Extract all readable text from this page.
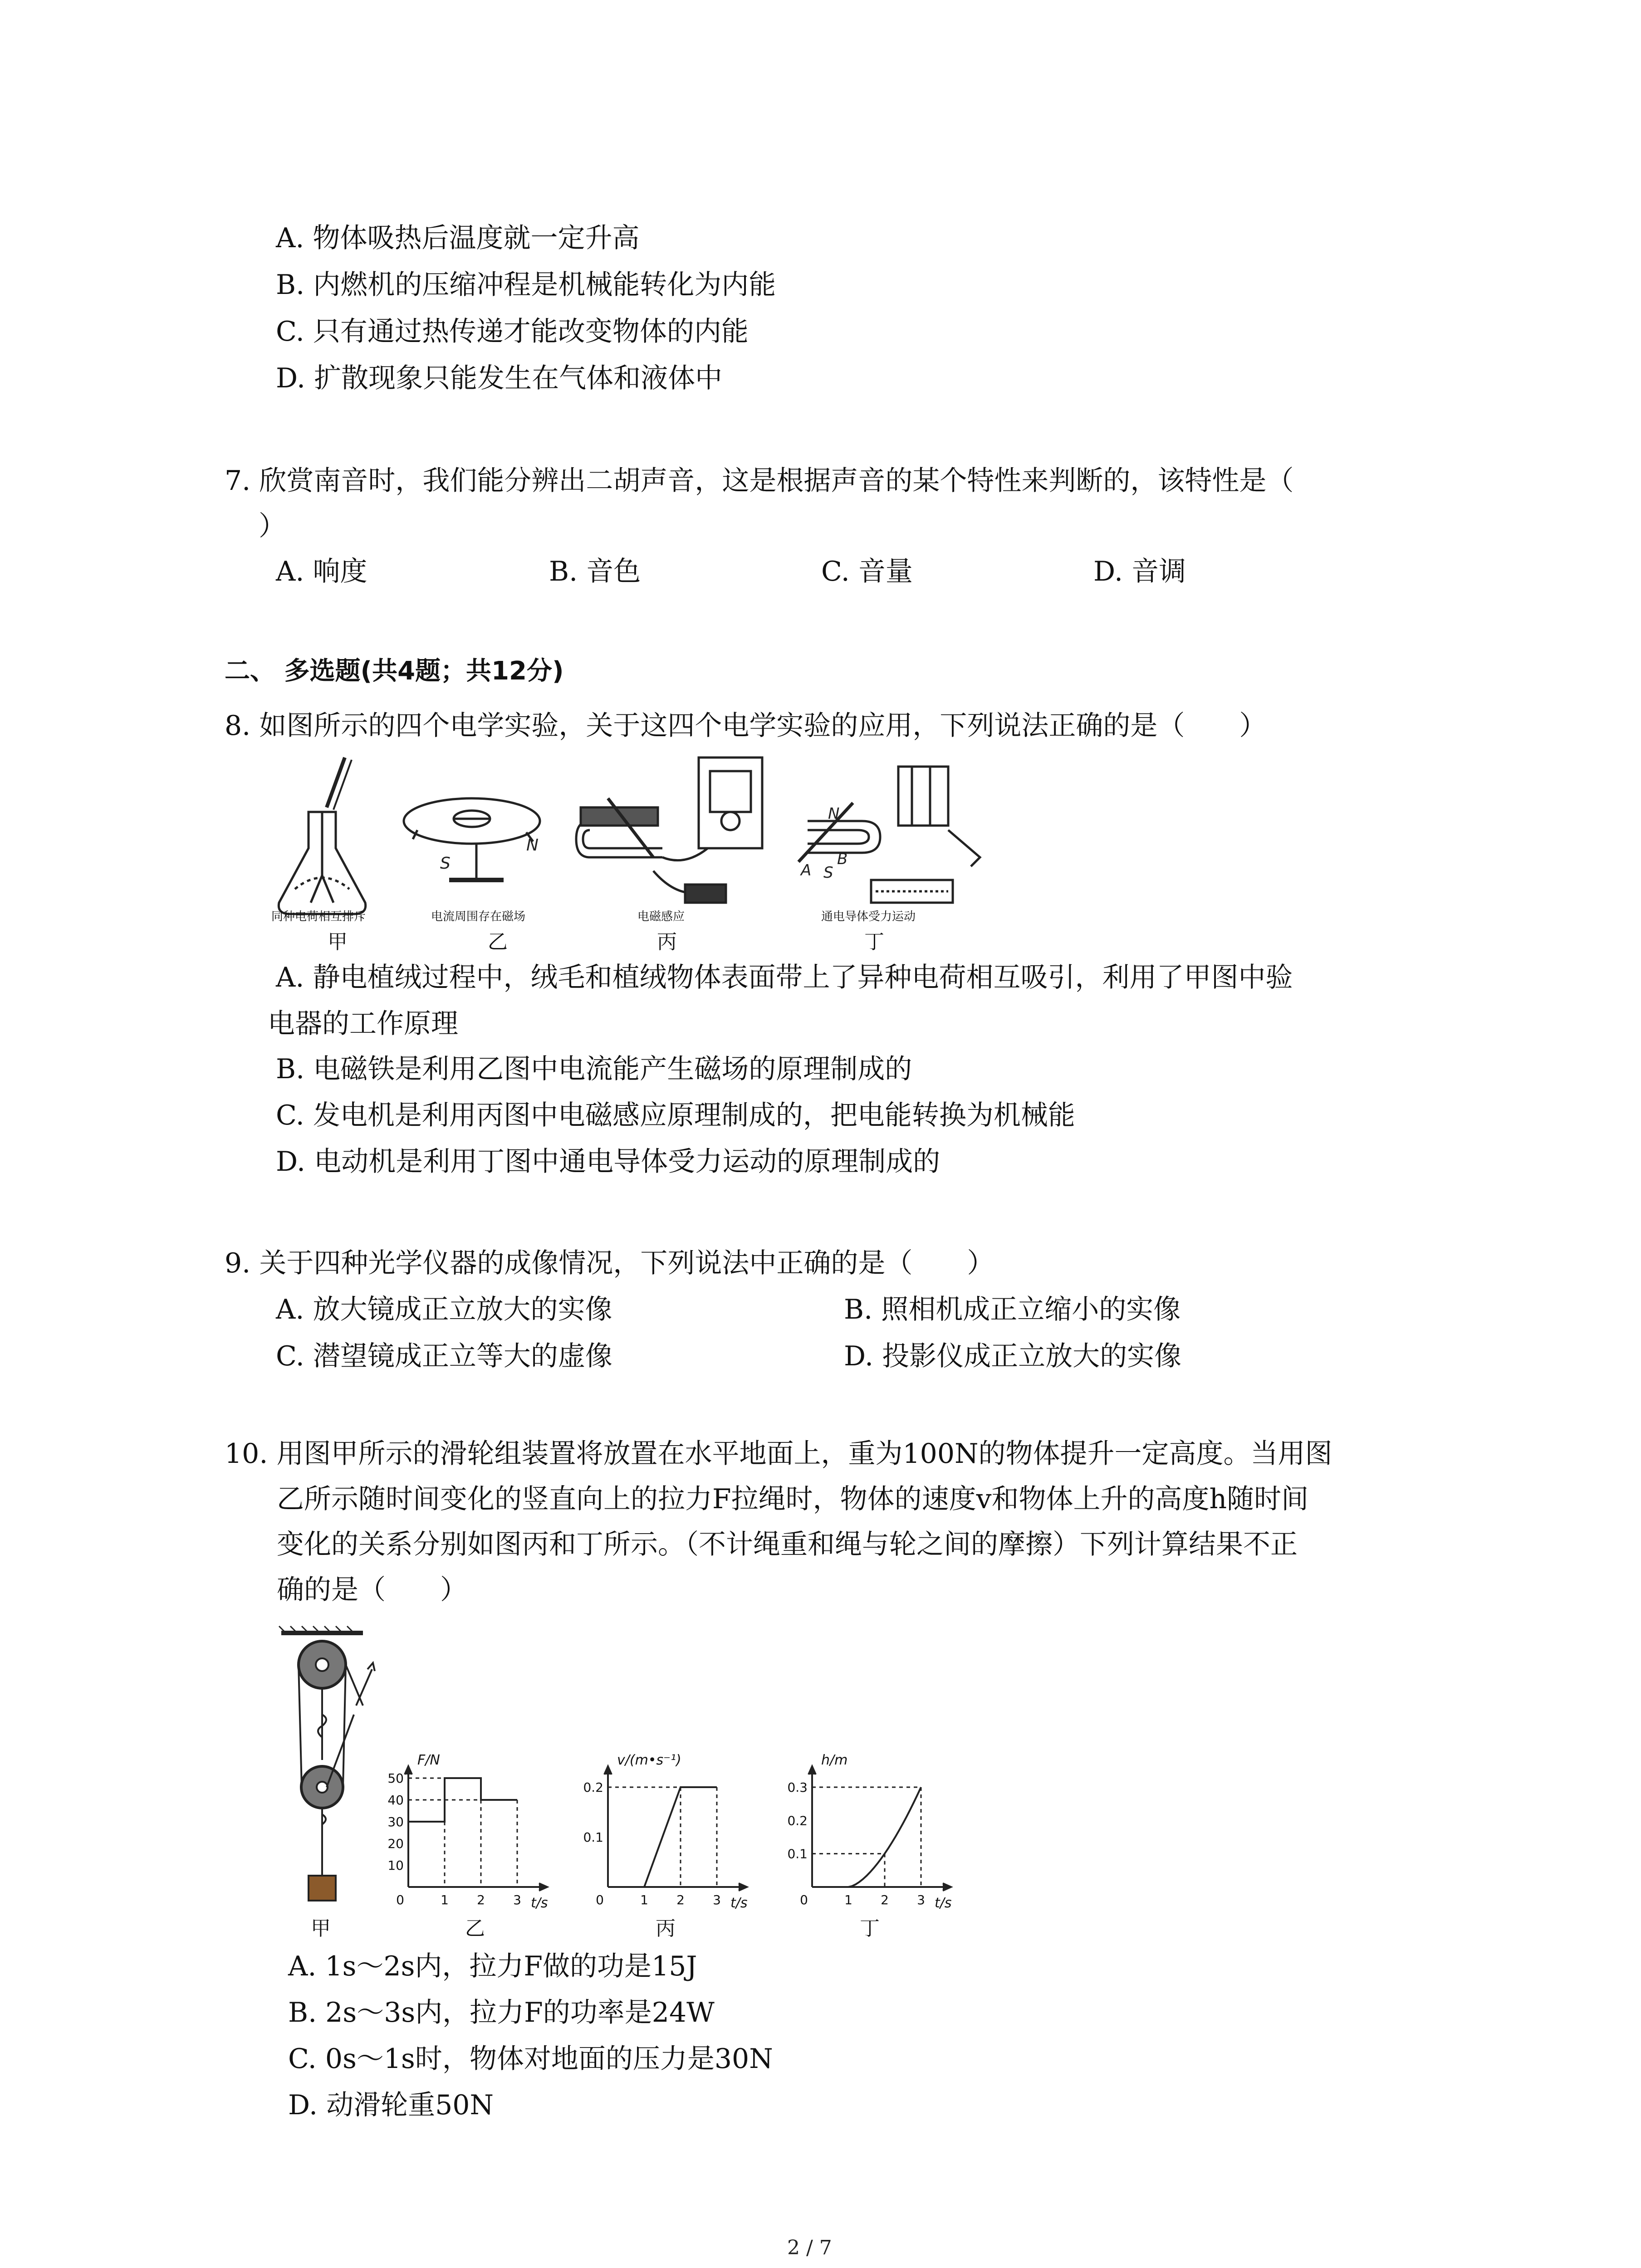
A. 物体吸热后温度就一定升高
B. 内燃机的压缩冲程是机械能转化为内能
C. 只有通过热传递才能改变物体的内能
D. 扩散现象只能发生在气体和液体中
7. 欣赏南音时，我们能分辨出二胡声音，这是根据声音的某个特性来判断的，该特性是（
）
A. 响度	B. 音色	C. 音量	D. 音调
二、 多选题(共4题；共12分)
8. 如图所示的四个电学实验，关于这四个电学实验的应用，下列说法正确的是（　　）
S
N
N
B
A S
同种电荷相互排斥	电流周围存在磁场	电磁感应	通电导体受力运动
甲	乙	丙	丁
A. 静电植绒过程中，绒毛和植绒物体表面带上了异种电荷相互吸引，利用了甲图中验
电器的工作原理
B. 电磁铁是利用乙图中电流能产生磁场的原理制成的
C. 发电机是利用丙图中电磁感应原理制成的，把电能转换为机械能
D. 电动机是利用丁图中通电导体受力运动的原理制成的
9. 关于四种光学仪器的成像情况，下列说法中正确的是（　　）
A. 放大镜成正立放大的实像	B. 照相机成正立缩小的实像
C. 潜望镜成正立等大的虚像	D. 投影仪成正立放大的实像
10. 用图甲所示的滑轮组装置将放置在水平地面上，重为100N的物体提升一定高度。当用图
乙所示随时间变化的竖直向上的拉力F拉绳时，物体的速度v和物体上升的高度h随时间
变化的关系分别如图丙和丁所示。（不计绳重和绳与轮之间的摩擦）下列计算结果不正
确的是（　　）
50
40
30
20
10
0	1 2 3
F/N
t/s
0.2
0.1
0	1 2 3
v/(m•s⁻¹)
t/s
0.3
0.2
0.1
0	1 2 3
h/m
t/s
甲	乙	丙	丁
A. 1s～2s内，拉力F做的功是15J
B. 2s～3s内，拉力F的功率是24W
C. 0s～1s时，物体对地面的压力是30N
D. 动滑轮重50N
2 / 7
